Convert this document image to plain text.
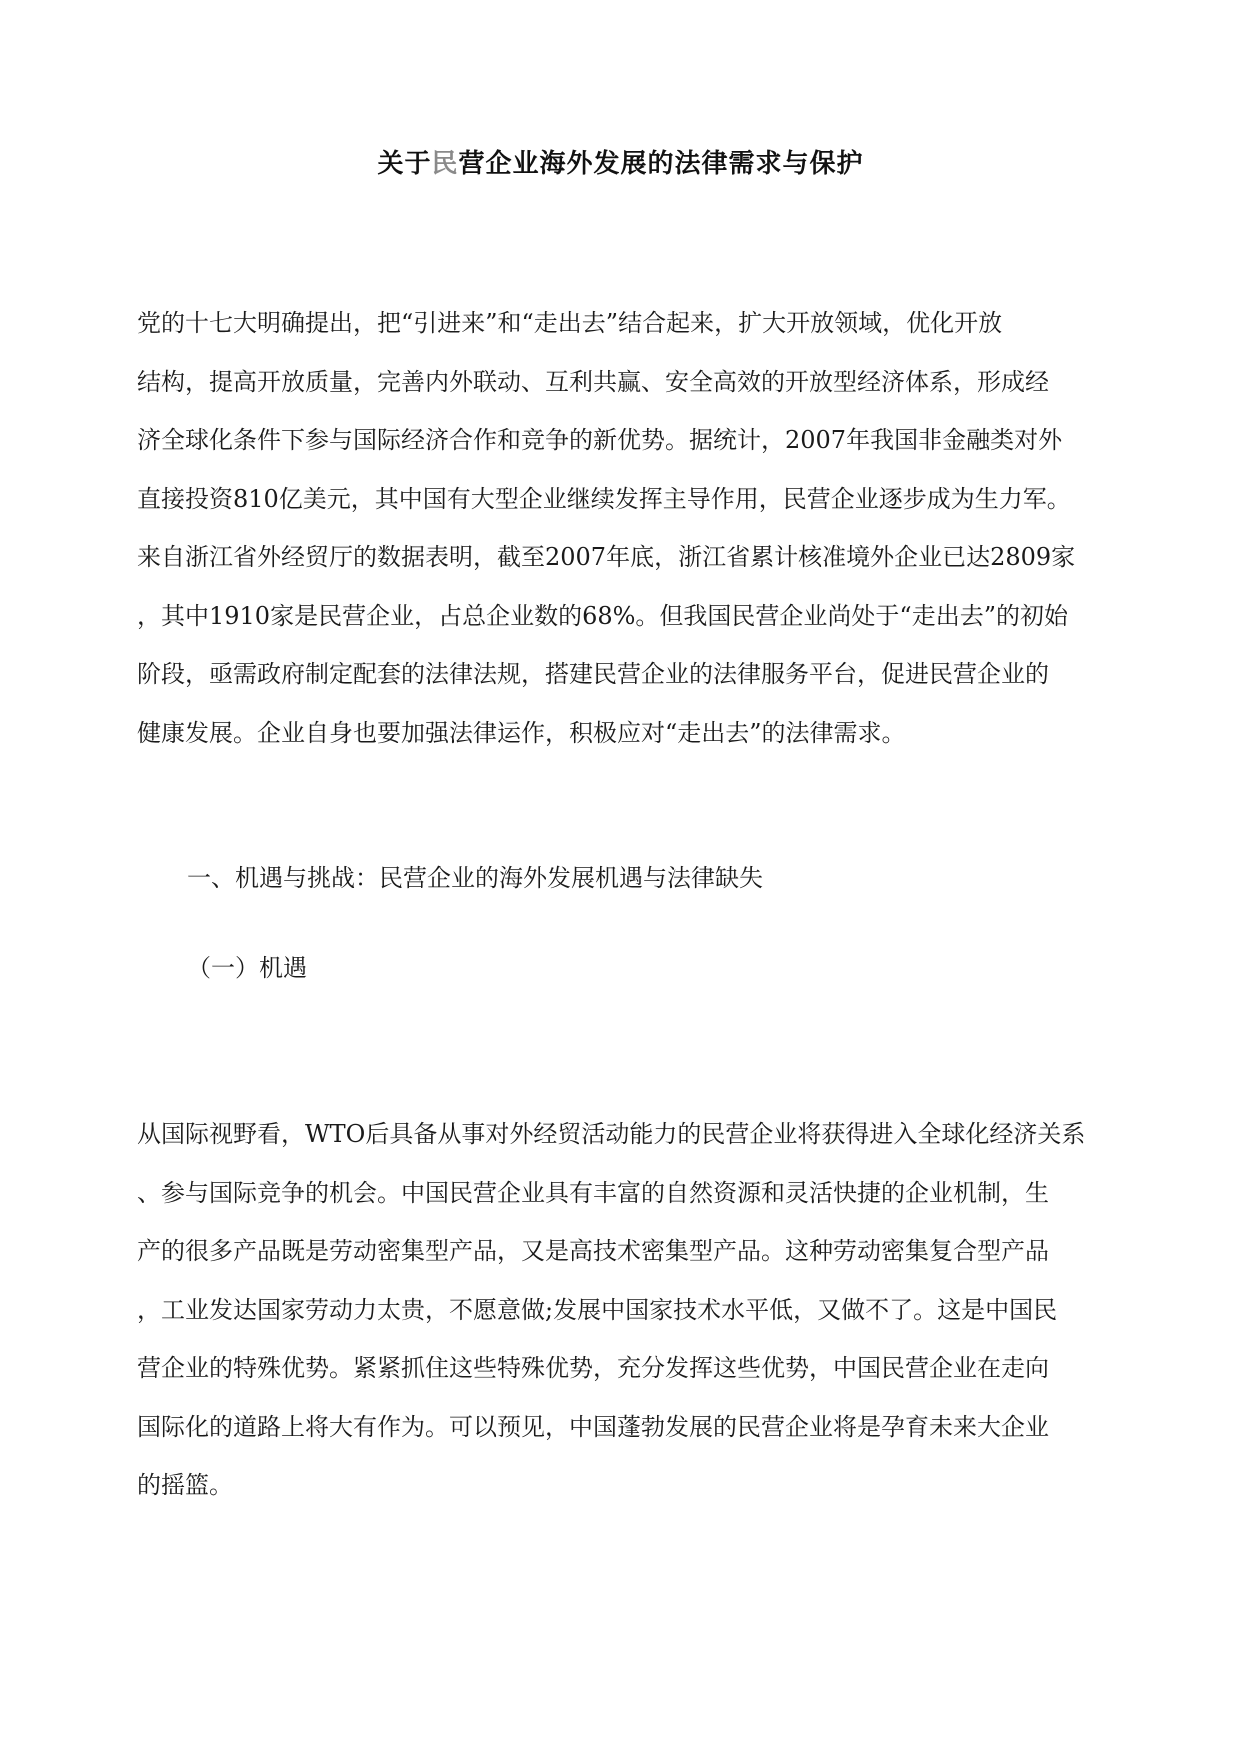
关于民营企业海外发展的法律需求与保护
党的十七大明确提出，把“引进来”和“走出去”结合起来，扩大开放领域，优化开放
结构，提高开放质量，完善内外联动、互利共赢、安全高效的开放型经济体系，形成经
济全球化条件下参与国际经济合作和竞争的新优势。据统计，2007年我国非金融类对外
直接投资810亿美元，其中国有大型企业继续发挥主导作用，民营企业逐步成为生力军。
来自浙江省外经贸厅的数据表明，截至2007年底，浙江省累计核准境外企业已达2809家
，其中1910家是民营企业，占总企业数的68%。但我国民营企业尚处于“走出去”的初始
阶段，亟需政府制定配套的法律法规，搭建民营企业的法律服务平台，促进民营企业的
健康发展。企业自身也要加强法律运作，积极应对“走出去”的法律需求。
一、机遇与挑战：民营企业的海外发展机遇与法律缺失
（一）机遇
从国际视野看，WTO后具备从事对外经贸活动能力的民营企业将获得进入全球化经济关系
、参与国际竞争的机会。中国民营企业具有丰富的自然资源和灵活快捷的企业机制，生
产的很多产品既是劳动密集型产品，又是高技术密集型产品。这种劳动密集复合型产品
，工业发达国家劳动力太贵，不愿意做;发展中国家技术水平低，又做不了。这是中国民
营企业的特殊优势。紧紧抓住这些特殊优势，充分发挥这些优势，中国民营企业在走向
国际化的道路上将大有作为。可以预见，中国蓬勃发展的民营企业将是孕育未来大企业
的摇篮。
